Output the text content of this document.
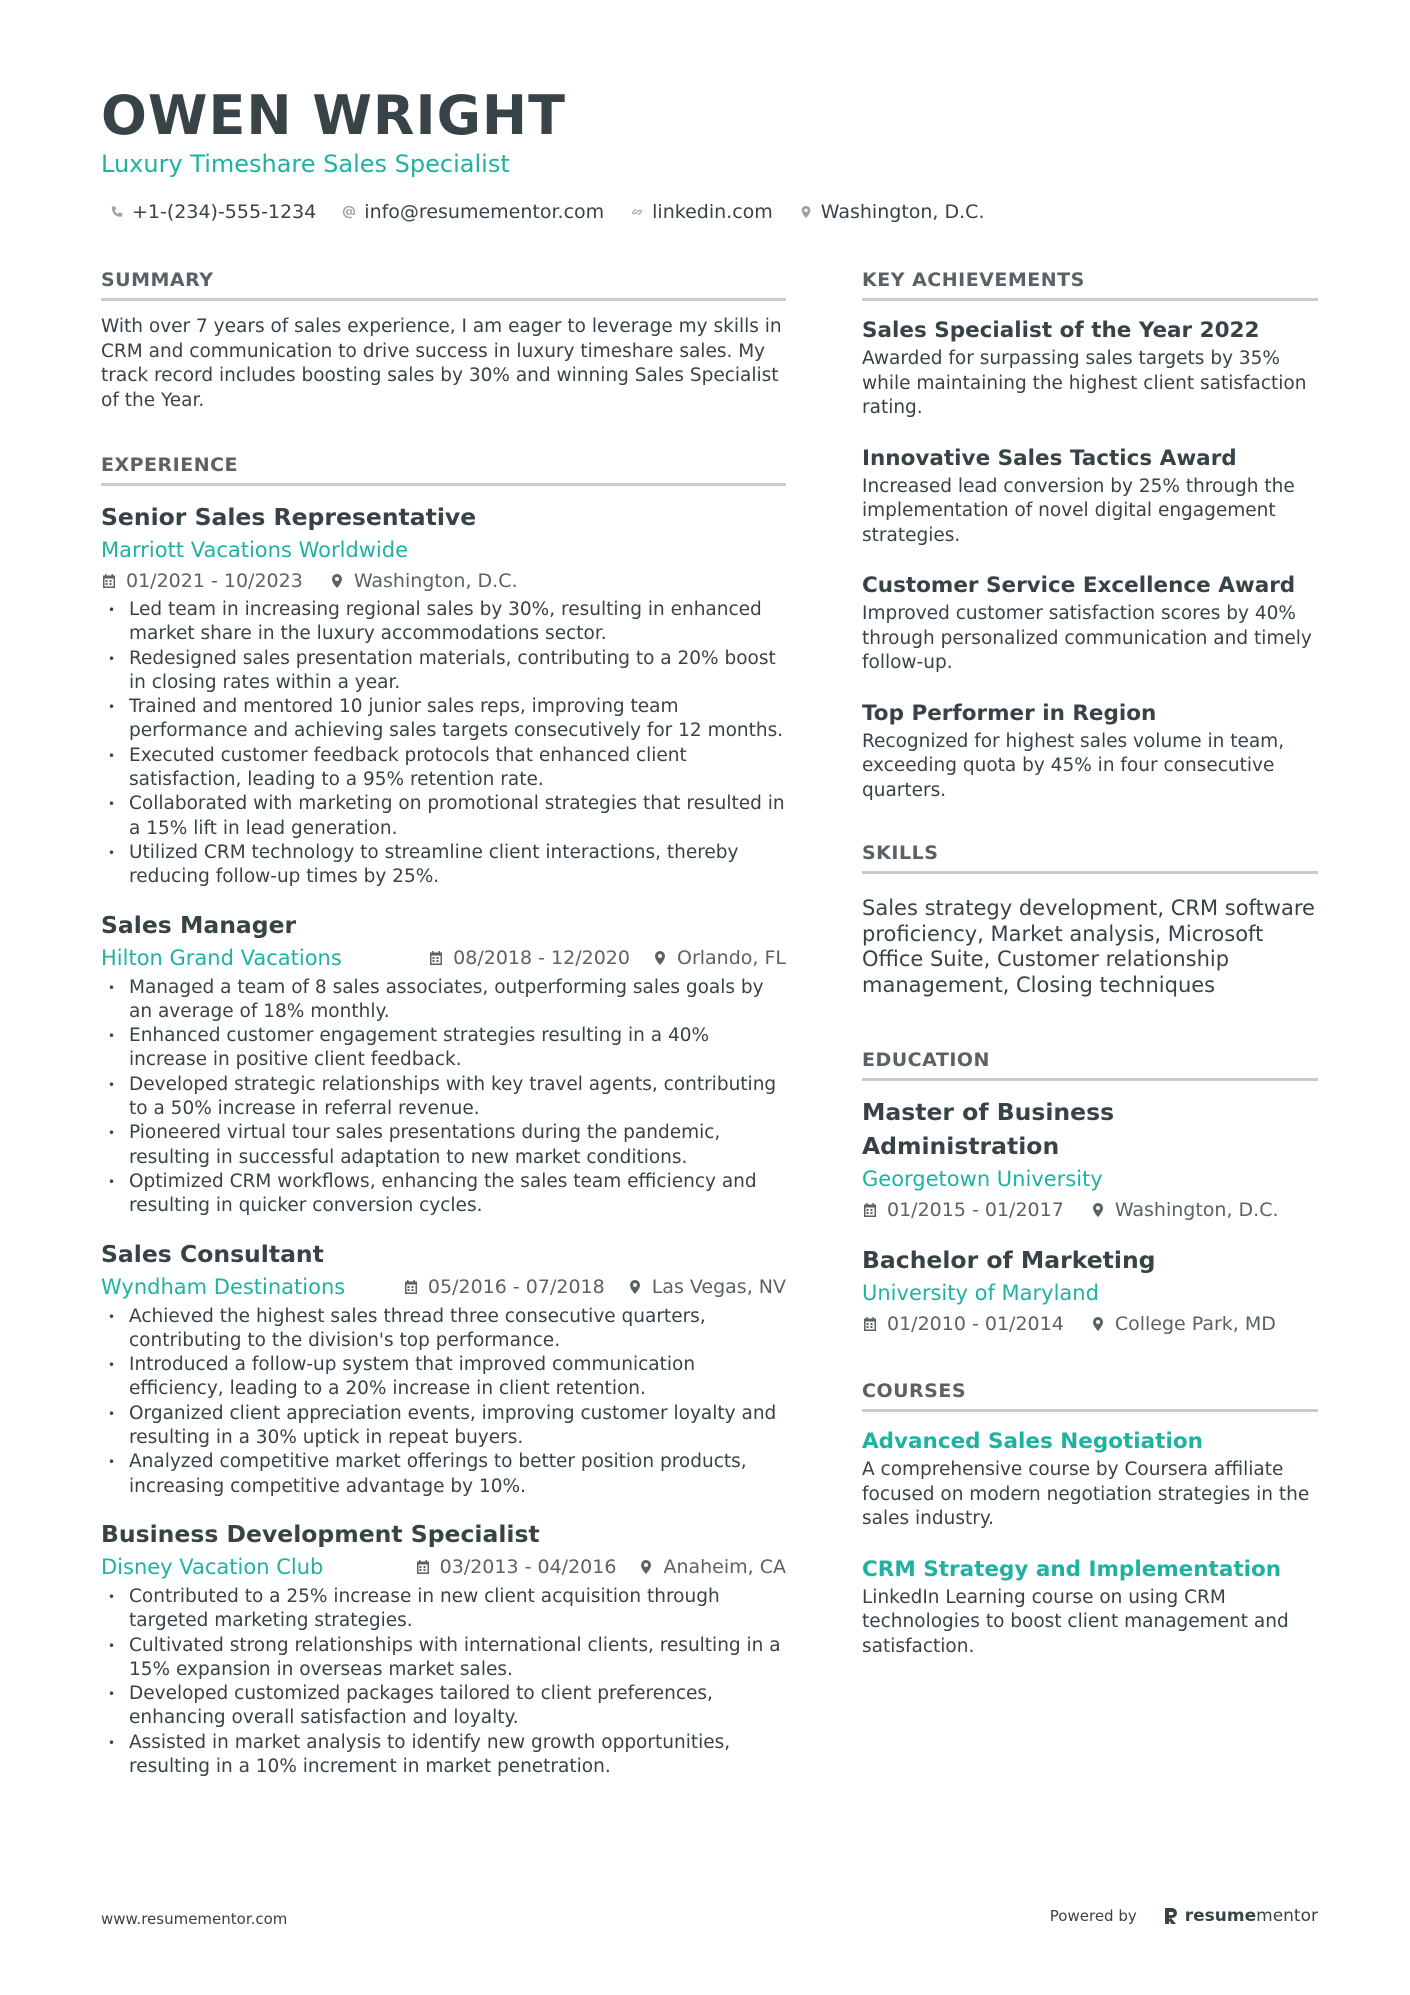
OWEN WRIGHT
Luxury Timeshare Sales Specialist
+1-(234)-555-1234	info@resumementor.com	linkedin.com	Washington, D.C.
SUMMARY

With over 7 years of sales experience, I am eager to leverage my skills in CRM and communication to drive success in luxury timeshare sales. My track record includes boosting sales by 30% and winning Sales Specialist of the Year.

EXPERIENCE
Senior Sales Representative
Marriott Vacations Worldwide
01/2021 - 10/2023	Washington, D.C.
• Led team in increasing regional sales by 30%, resulting in enhanced market share in the luxury accommodations sector.
• Redesigned sales presentation materials, contributing to a 20% boost in closing rates within a year.
• Trained and mentored 10 junior sales reps, improving team performance and achieving sales targets consecutively for 12 months.
• Executed customer feedback protocols that enhanced client satisfaction, leading to a 95% retention rate.
• Collaborated with marketing on promotional strategies that resulted in a 15% lift in lead generation.
• Utilized CRM technology to streamline client interactions, thereby reducing follow-up times by 25%.
Sales Manager
Hilton Grand Vacations	08/2018 - 12/2020 Orlando, FL
• Managed a team of 8 sales associates, outperforming sales goals by an average of 18% monthly.
• Enhanced customer engagement strategies resulting in a 40% increase in positive client feedback.
• Developed strategic relationships with key travel agents, contributing to a 50% increase in referral revenue.
• Pioneered virtual tour sales presentations during the pandemic, resulting in successful adaptation to new market conditions.
• Optimized CRM workflows, enhancing the sales team efficiency and resulting in quicker conversion cycles.
Sales Consultant
Wyndham Destinations	05/2016 - 07/2018 Las Vegas, NV
• Achieved the highest sales thread three consecutive quarters, contributing to the division's top performance.
• Introduced a follow-up system that improved communication efficiency, leading to a 20% increase in client retention.
• Organized client appreciation events, improving customer loyalty and resulting in a 30% uptick in repeat buyers.
• Analyzed competitive market offerings to better position products, increasing competitive advantage by 10%.
Business Development Specialist
Disney Vacation Club	03/2013 - 04/2016 Anaheim, CA
• Contributed to a 25% increase in new client acquisition through targeted marketing strategies.
• Cultivated strong relationships with international clients, resulting in a 15% expansion in overseas market sales.
• Developed customized packages tailored to client preferences, enhancing overall satisfaction and loyalty.
• Assisted in market analysis to identify new growth opportunities, resulting in a 10% increment in market penetration.
KEY ACHIEVEMENTS
Sales Specialist of the Year 2022

Awarded for surpassing sales targets by 35% while maintaining the highest client satisfaction rating.

Innovative Sales Tactics Award

Increased lead conversion by 25% through the implementation of novel digital engagement strategies.

Customer Service Excellence Award

Improved customer satisfaction scores by 40% through personalized communication and timely follow-up.

Top Performer in Region

Recognized for highest sales volume in team, exceeding quota by 45% in four consecutive quarters.

SKILLS

Sales strategy development, CRM software proficiency, Market analysis, Microsoft Office Suite, Customer relationship management, Closing techniques

EDUCATION
Master of Business Administration
Georgetown University
01/2015 - 01/2017	Washington, D.C.
Bachelor of Marketing
University of Maryland
01/2010 - 01/2014	College Park, MD
COURSES
Advanced Sales Negotiation

A comprehensive course by Coursera affiliate focused on modern negotiation strategies in the sales industry.

CRM Strategy and Implementation

LinkedIn Learning course on using CRM technologies to boost client management and satisfaction.

www.resumementor.com	Powered by	resume mentor
